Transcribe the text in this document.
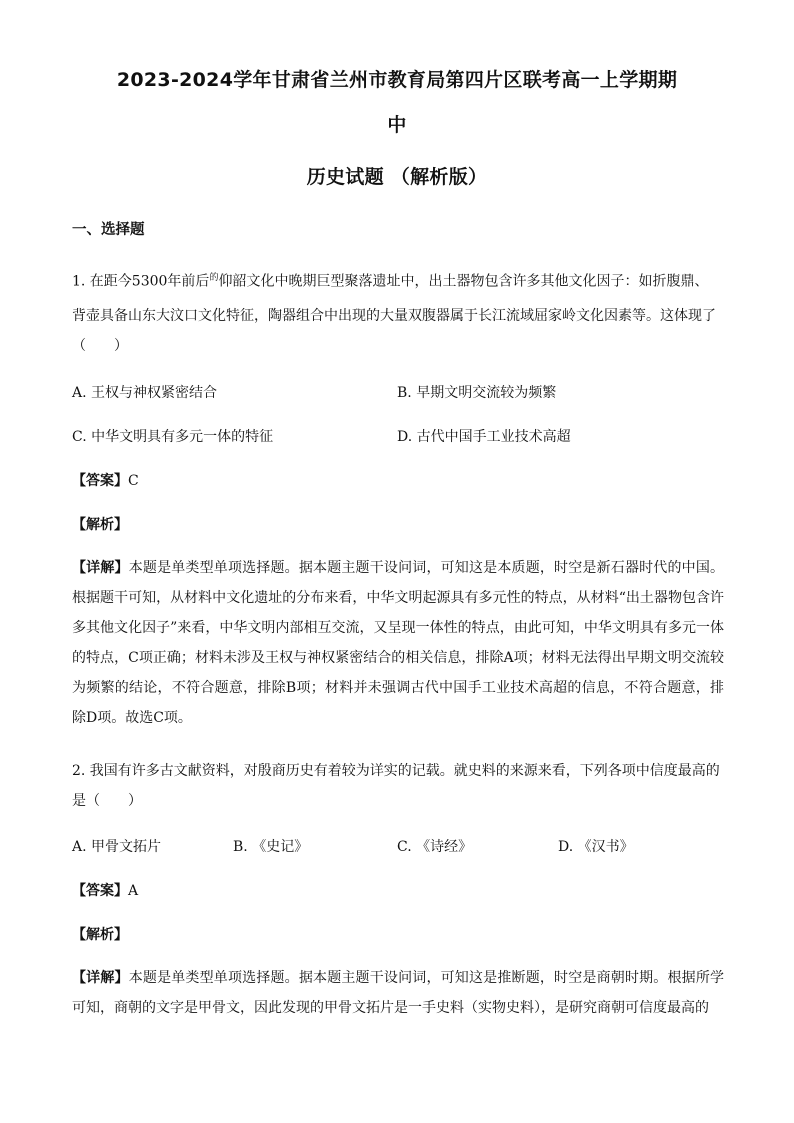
2023-2024学年甘肃省兰州市教育局第四片区联考高一上学期期
中
历史试题 （解析版）
一、选择题
1. 在距今5300年前后$^的$仰韶文化中晚期巨型聚落遗址中，出土器物包含许多其他文化因子：如折腹鼎、
背壶具备山东大汶口文化特征，陶器组合中出现的大量双腹器属于长江流域屈家岭文化因素等。这体现了
（　　）
A. 王权与神权紧密结合	B. 早期文明交流较为频繁
C. 中华文明具有多元一体的特征	D. 古代中国手工业技术高超
【答案】C
【解析】
【详解】本题是单类型单项选择题。据本题主题干设问词，可知这是本质题，时空是新石器时代的中国。根据题干可知，从材料中文化遗址的分布来看，中华文明起源具有多元性的特点，从材料“出土器物包含许多其他文化因子”来看，中华文明内部相互交流，又呈现一体性的特点，由此可知，中华文明具有多元一体的特点，C项正确；材料未涉及王权与神权紧密结合的相关信息，排除A项；材料无法得出早期文明交流较为频繁的结论，不符合题意，排除B项；材料并未强调古代中国手工业技术高超的信息，不符合题意，排除D项。故选C项。
2. 我国有许多古文献资料，对殷商历史有着较为详实的记载。就史料的来源来看，下列各项中信度最高的
是（　　）
A. 甲骨文拓片	B. 《史记》	C. 《诗经》	D. 《汉书》
【答案】A
【解析】
【详解】本题是单类型单项选择题。据本题主题干设问词，可知这是推断题，时空是商朝时期。根据所学可知，商朝的文字是甲骨文，因此发现的甲骨文拓片是一手史料（实物史料），是研究商朝可信度最高的
